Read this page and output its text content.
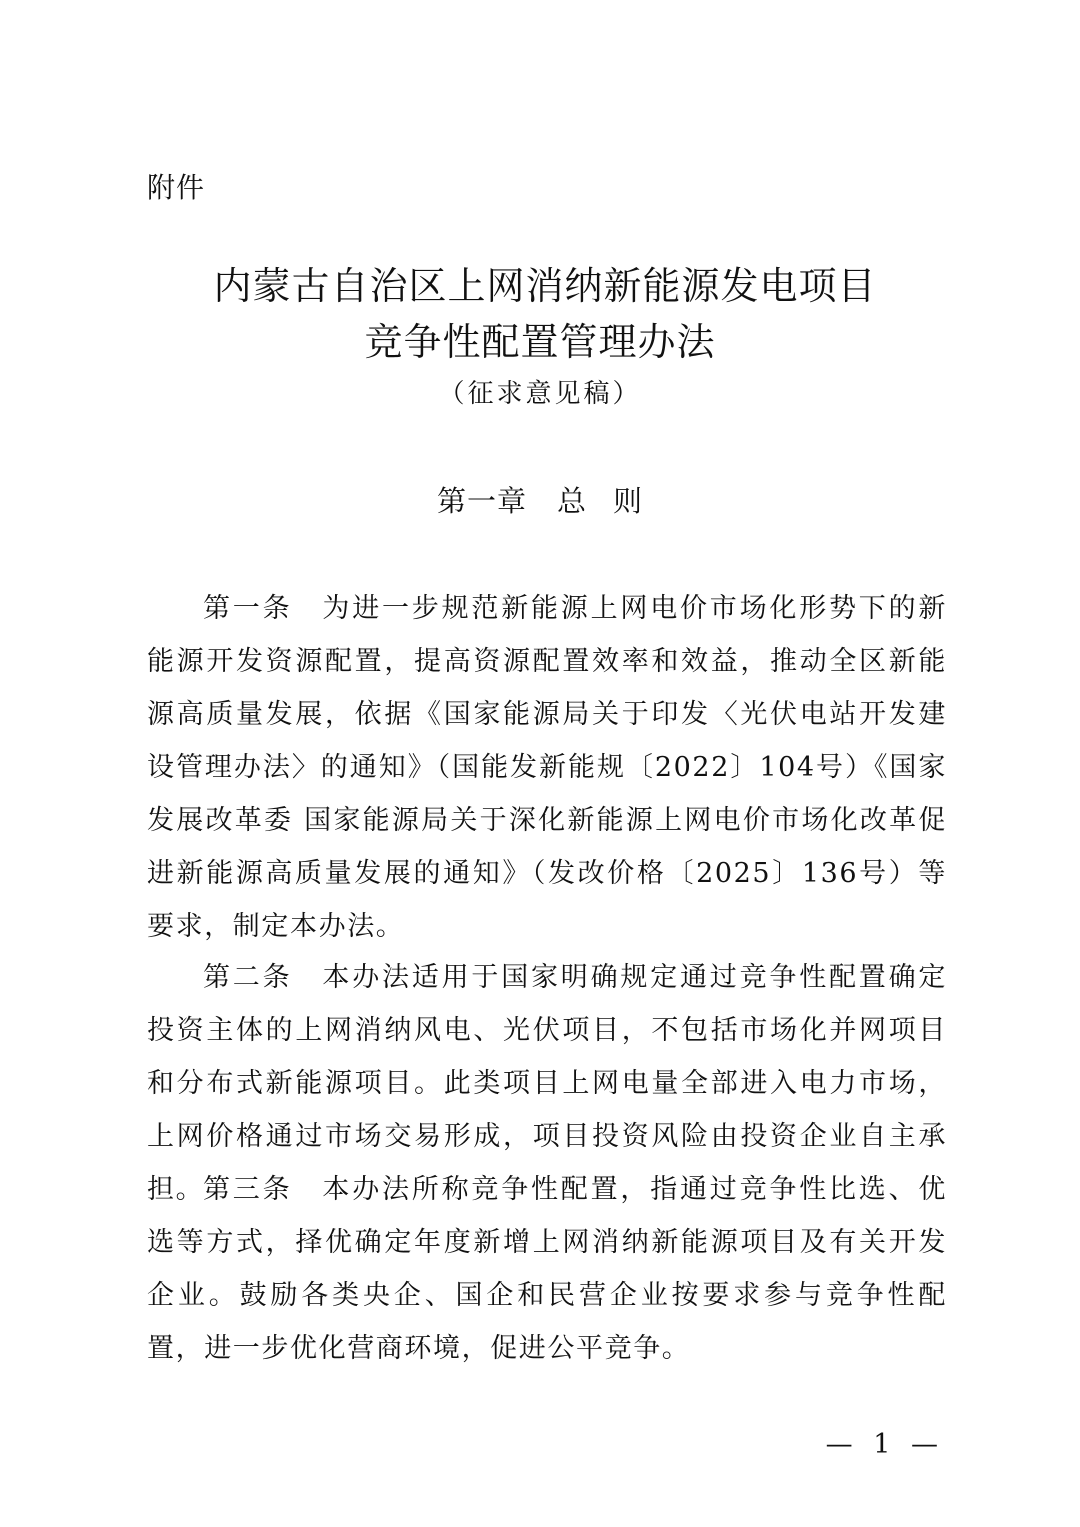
附件
内蒙古自治区上网消纳新能源发电项目
竞争性配置管理办法
（征求意见稿）
第一章 总 则

第一条 为进一步规范新能源上网电价市场化形势下的新能源开发资源配置，提高资源配置效率和效益，推动全区新能源高质量发展，依据《国家能源局关于印发〈光伏电站开发建设管理办法〉的通知》（国能发新能规〔2022〕104号）《国家发展改革委 国家能源局关于深化新能源上网电价市场化改革促进新能源高质量发展的通知》（发改价格〔2025〕136号）等要求，制定本办法。

第二条 本办法适用于国家明确规定通过竞争性配置确定投资主体的上网消纳风电、光伏项目，不包括市场化并网项目和分布式新能源项目。此类项目上网电量全部进入电力市场，上网价格通过市场交易形成，项目投资风险由投资企业自主承担。

第三条 本办法所称竞争性配置，指通过竞争性比选、优选等方式，择优确定年度新增上网消纳新能源项目及有关开发企业。鼓励各类央企、国企和民营企业按要求参与竞争性配置，进一步优化营商环境，促进公平竞争。

— 1 —
